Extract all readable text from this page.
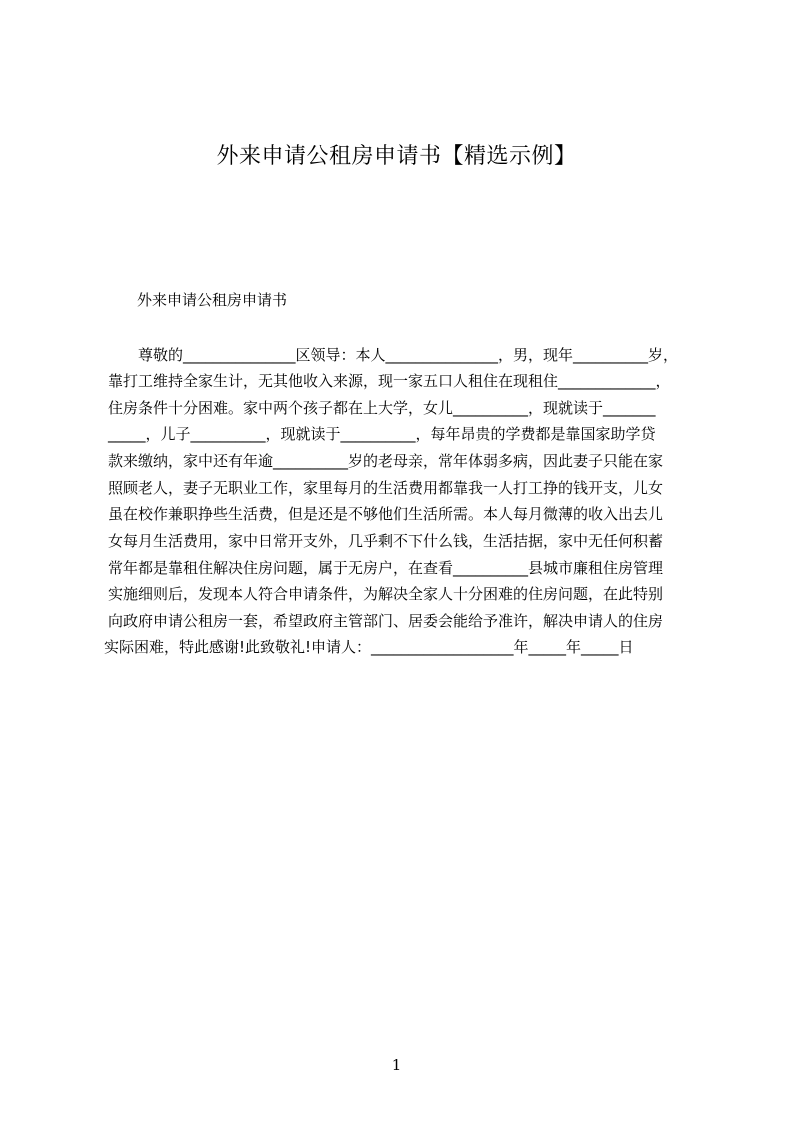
外来申请公租房申请书【精选示例】
外来申请公租房申请书
尊敬的_______________区领导：本人_______________，男，现年__________岁，
靠打工维持全家生计，无其他收入来源，现一家五口人租住在现租住_____________，
住房条件十分困难。家中两个孩子都在上大学，女儿__________，现就读于_______
_____，儿子__________，现就读于__________，每年昂贵的学费都是靠国家助学贷
款来缴纳，家中还有年逾__________岁的老母亲，常年体弱多病，因此妻子只能在家
照顾老人，妻子无职业工作，家里每月的生活费用都靠我一人打工挣的钱开支，儿女
虽在校作兼职挣些生活费，但是还是不够他们生活所需。本人每月微薄的收入出去儿
女每月生活费用，家中日常开支外，几乎剩不下什么钱，生活拮据，家中无任何积蓄
常年都是靠租住解决住房问题，属于无房户，在查看__________县城市廉租住房管理
实施细则后，发现本人符合申请条件，为解决全家人十分困难的住房问题，在此特别
向政府申请公租房一套，希望政府主管部门、居委会能给予准许，解决申请人的住房
实际困难，特此感谢!此致敬礼!申请人：___________________年_____年_____日
1
